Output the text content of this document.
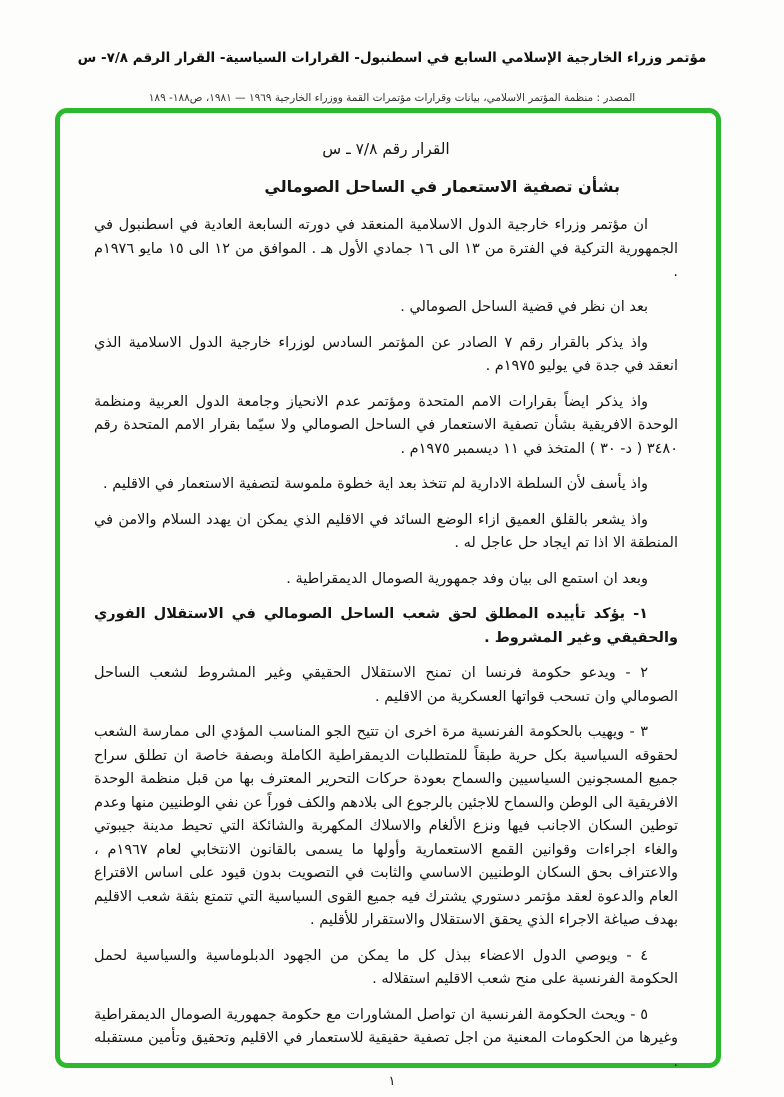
مؤتمر وزراء الخارجية الإسلامي السابع في اسطنبول- القرارات السياسية- القرار الرقم ٧/٨- س
المصدر : منظمة المؤتمر الاسلامي، بيانات وقرارات مؤتمرات القمة ووزراء الخارجية ١٩٦٩ — ١٩٨١، ص١٨٨- ١٨٩
القرار رقم ٧/٨ ـ س
بشأن تصفية الاستعمار في الساحل الصومالي

ان مؤتمر وزراء خارجية الدول الاسلامية المنعقد في دورته السابعة العادية في اسطنبول في الجمهورية التركية في الفترة من ١٣ الى ١٦ جمادي الأول هـ . الموافق من ١٢ الى ١٥ مايو ١٩٧٦م .

بعد ان نظر في قضية الساحل الصومالي .

واذ يذكر بالقرار رقم ٧ الصادر عن المؤتمر السادس لوزراء خارجية الدول الاسلامية الذي انعقد في جدة في يوليو ١٩٧٥م .

واذ يذكر ايضاً بقرارات الامم المتحدة ومؤتمر عدم الانحياز وجامعة الدول العربية ومنظمة الوحدة الافريقية بشأن تصفية الاستعمار في الساحل الصومالي ولا سيّما بقرار الامم المتحدة رقم ٣٤٨٠ ( د- ٣٠ ) المتخذ في ١١ ديسمبر ١٩٧٥م .

واذ يأسف لأن السلطة الادارية لم تتخذ بعد اية خطوة ملموسة لتصفية الاستعمار في الاقليم .

واذ يشعر بالقلق العميق ازاء الوضع السائد في الاقليم الذي يمكن ان يهدد السلام والامن في المنطقة الا اذا تم ايجاد حل عاجل له .

وبعد ان استمع الى بيان وفد جمهورية الصومال الديمقراطية .

١- يؤكد تأييده المطلق لحق شعب الساحل الصومالي في الاستقلال الفوري والحقيقي وغير المشروط .

٢ - ويدعو حكومة فرنسا ان تمنح الاستقلال الحقيقي وغير المشروط لشعب الساحل الصومالي وان تسحب قواتها العسكرية من الاقليم .

٣ - ويهيب بالحكومة الفرنسية مرة اخرى ان تتيح الجو المناسب المؤدي الى ممارسة الشعب لحقوقه السياسية بكل حرية طبقاً للمتطلبات الديمقراطية الكاملة وبصفة خاصة ان تطلق سراح جميع المسجونين السياسيين والسماح بعودة حركات التحرير المعترف بها من قبل منظمة الوحدة الافريقية الى الوطن والسماح للاجئين بالرجوع الى بلادهم والكف فوراً عن نفي الوطنيين منها وعدم توطين السكان الاجانب فيها ونزع الألغام والاسلاك المكهربة والشائكة التي تحيط مدينة جيبوتي والغاء اجراءات وقوانين القمع الاستعمارية وأولها ما يسمى بالقانون الانتخابي لعام ١٩٦٧م ، والاعتراف بحق السكان الوطنيين الاساسي والثابت في التصويت بدون قيود على اساس الاقتراع العام والدعوة لعقد مؤتمر دستوري يشترك فيه جميع القوى السياسية التي تتمتع بثقة شعب الاقليم بهدف صياغة الاجراء الذي يحقق الاستقلال والاستقرار للأقليم .

٤ - ويوصي الدول الاعضاء ببذل كل ما يمكن من الجهود الدبلوماسية والسياسية لحمل الحكومة الفرنسية على منح شعب الاقليم استقلاله .

٥ - ويحث الحكومة الفرنسية ان تواصل المشاورات مع حكومة جمهورية الصومال الديمقراطية وغيرها من الحكومات المعنية من اجل تصفية حقيقية للاستعمار في الاقليم وتحقيق وتأمين مستقبله .

١
